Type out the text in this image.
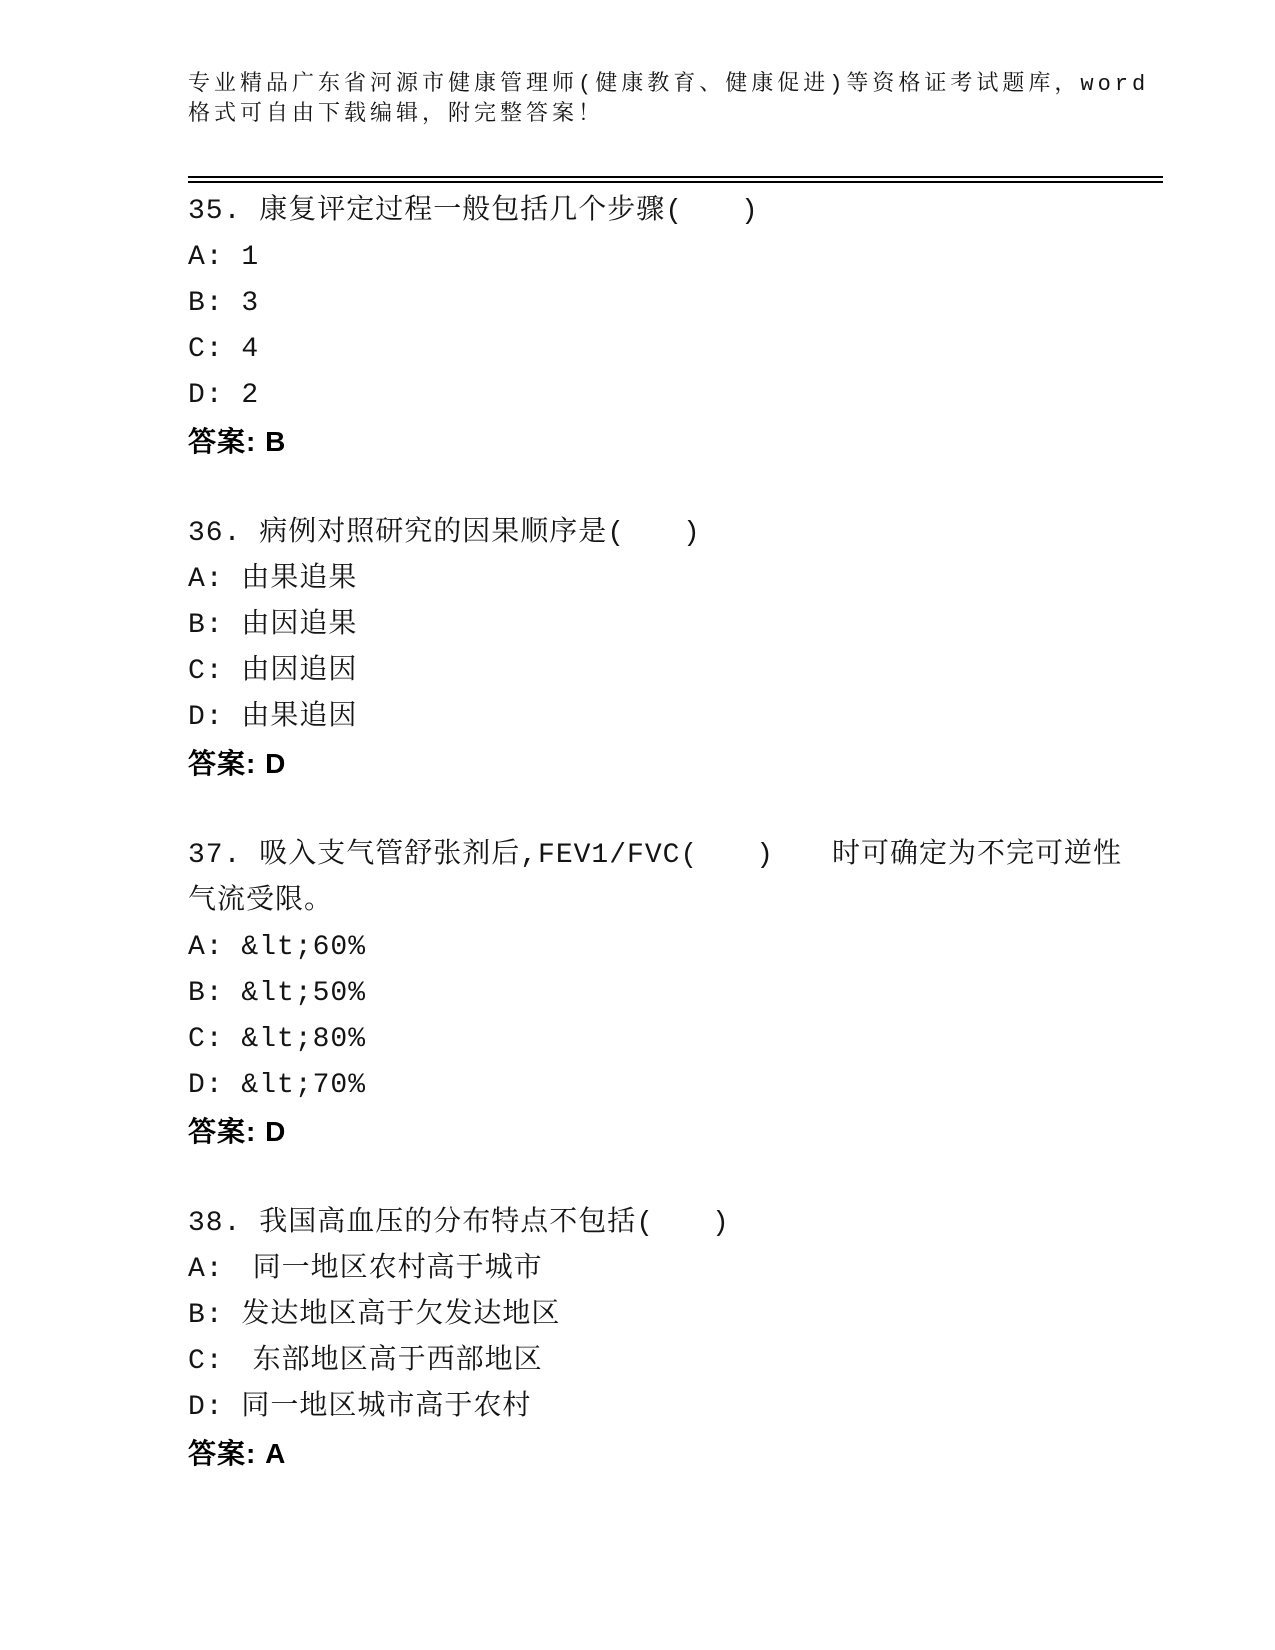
专业精品广东省河源市健康管理师(健康教育、健康促进)等资格证考试题库，word
格式可自由下载编辑，附完整答案！
35. 康复评定过程一般包括几个步骤(　　)
A: 1
B: 3
C: 4
D: 2
答案: B
36. 病例对照研究的因果顺序是(　　)
A: 由果追果
B: 由因追果
C: 由因追因
D: 由果追因
答案: D
37. 吸入支气管舒张剂后,FEV1/FVC(　　)　　时可确定为不完可逆性
气流受限。
A: &lt;60%
B: &lt;50%
C: &lt;80%
D: &lt;70%
答案: D
38. 我国高血压的分布特点不包括(　　)
A:　同一地区农村高于城市
B: 发达地区高于欠发达地区
C:　东部地区高于西部地区
D: 同一地区城市高于农村
答案: A
